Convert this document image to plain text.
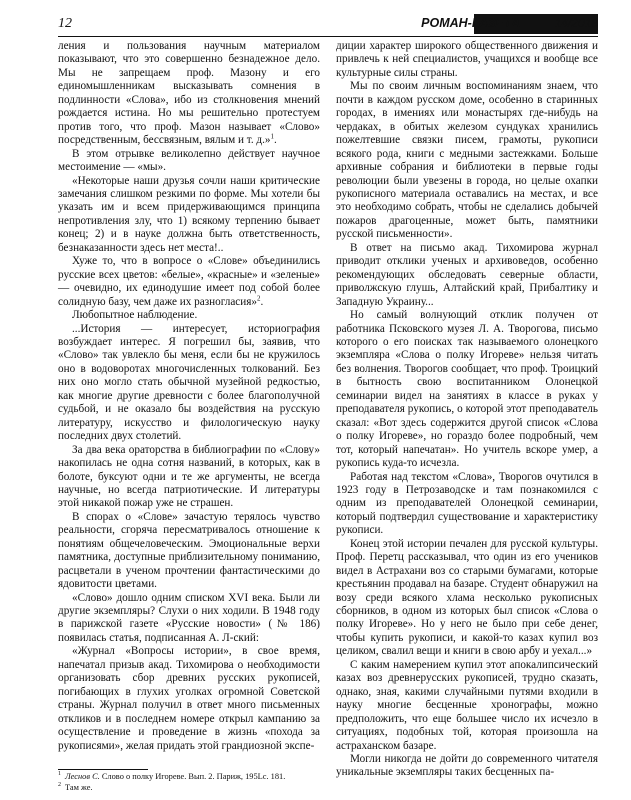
12	РОМАН-ГАЗЕТА	14/2018

ления и пользования научным материалом показывают, что это совершенно безнадежное дело. Мы не запрещаем проф. Мазону и его единомышленникам высказывать сомнения в подлинности «Слова», ибо из столкновения мнений рождается истина. Но мы решительно протестуем против того, что проф. Мазон называет «Слово» посредственным, бессвязным, вялым и т. д.»$^1$.

В этом отрывке великолепно действует научное местоимение — «мы».

«Некоторые наши друзья сочли наши критические замечания слишком резкими по форме. Мы хотели бы указать им и всем придерживающимся принципа непротивления злу, что 1) всякому терпению бывает конец; 2) и в науке должна быть ответственность, безнаказанности здесь нет места!..

Хуже то, что в вопросе о «Слове» объединились русские всех цветов: «белые», «красные» и «зеленые» — очевидно, их единодушие имеет под собой более солидную базу, чем даже их разногласия»$^2$.

Любопытное наблюдение.

...История — интересует, историография возбуждает интерес. Я погрешил бы, заявив, что «Слово» так увлекло бы меня, если бы не кружилось оно в водоворотах многочисленных толкований. Без них оно могло стать обычной музейной редкостью, как многие другие древности с более благополучной судьбой, и не оказало бы воздействия на русскую литературу, искусство и филологическую науку последних двух столетий.

За два века ораторства в библиографии по «Слову» накопилась не одна сотня названий, в которых, как в болоте, буксуют одни и те же аргументы, не всегда научные, но всегда патриотические. И литературы этой никакой пожар уже не страшен.

В спорах о «Слове» зачастую терялось чувство реальности, сгоряча пересматривалось отношение к понятиям общечеловеческим. Эмоциональные верхи памятника, доступные приблизительному пониманию, расцветали в ученом прочтении фантастическими до ядовитости цветами.

«Слово» дошло одним списком XVI века. Были ли другие экземпляры? Слухи о них ходили. В 1948 году в парижской газете «Русские новости» (№ 186) появилась статья, подписанная А. Л-ский:

«Журнал «Вопросы истории», в свое время, напечатал призыв акад. Тихомирова о необходимости организовать сбор древних русских рукописей, погибающих в глухих уголках огромной Советской страны. Журнал получил в ответ много письменных откликов и в последнем номере открыл кампанию за осуществление и проведение в жизнь «похода за рукописями», желая придать этой грандиозной экспе-

диции характер широкого общественного движения и привлечь к ней специалистов, учащихся и вообще все культурные силы страны.

Мы по своим личным воспоминаниям знаем, что почти в каждом русском доме, особенно в старинных городах, в имениях или монастырях где-нибудь на чердаках, в обитых железом сундуках хранились пожелтевшие связки писем, грамоты, рукописи всякого рода, книги с медными застежками. Больше архивные собрания и библиотеки в первые годы революции были увезены в города, но целые охапки рукописного материала оставались на местах, и все это необходимо собрать, чтобы не сделались добычей пожаров драгоценные, может быть, памятники русской письменности».

В ответ на письмо акад. Тихомирова журнал приводит отклики ученых и архивоведов, особенно рекомендующих обследовать северные области, приволжскую глушь, Алтайский край, Прибалтику и Западную Украину...

Но самый волнующий отклик получен от работника Псковского музея Л. А. Творогова, письмо которого о его поисках так называемого олонецкого экземпляра «Слова о полку Игореве» нельзя читать без волнения. Творогов сообщает, что проф. Троицкий в бытность свою воспитанником Олонецкой семинарии видел на занятиях в классе в руках у преподавателя рукопись, о которой этот преподаватель сказал: «Вот здесь содержится другой список «Слова о полку Игореве», но гораздо более подробный, чем тот, который напечатан». Но учитель вскоре умер, а рукопись куда-то исчезла.

Работая над текстом «Слова», Творогов очутился в 1923 году в Петрозаводске и там познакомился с одним из преподавателей Олонецкой семинарии, который подтвердил существование и характеристику рукописи.

Конец этой истории печален для русской культуры. Проф. Перетц рассказывал, что один из его учеников видел в Астрахани воз со старыми бумагами, которые крестьянин продавал на базаре. Студент обнаружил на возу среди всякого хлама несколько рукописных сборников, в одном из которых был список «Слова о полку Игореве». Но у него не было при себе денег, чтобы купить рукописи, и какой-то казах купил воз целиком, свалил вещи и книги в свою арбу и уехал...»

С каким намерением купил этот апокалипсический казах воз древнерусских рукописей, трудно сказать, однако, зная, какими случайными путями входили в науку многие бесценные хронографы, можно предположить, что еще большее число их исчезло в ситуациях, подобных той, которая произошла на астраханском базаре.

Могли никогда не дойти до современного читателя уникальные экземпляры таких бесценных па-

$^1$ Леснов С. Слово о полку Игореве. Вып. 2. Париж, 195Lс. 181.
$^2$ Там же.
